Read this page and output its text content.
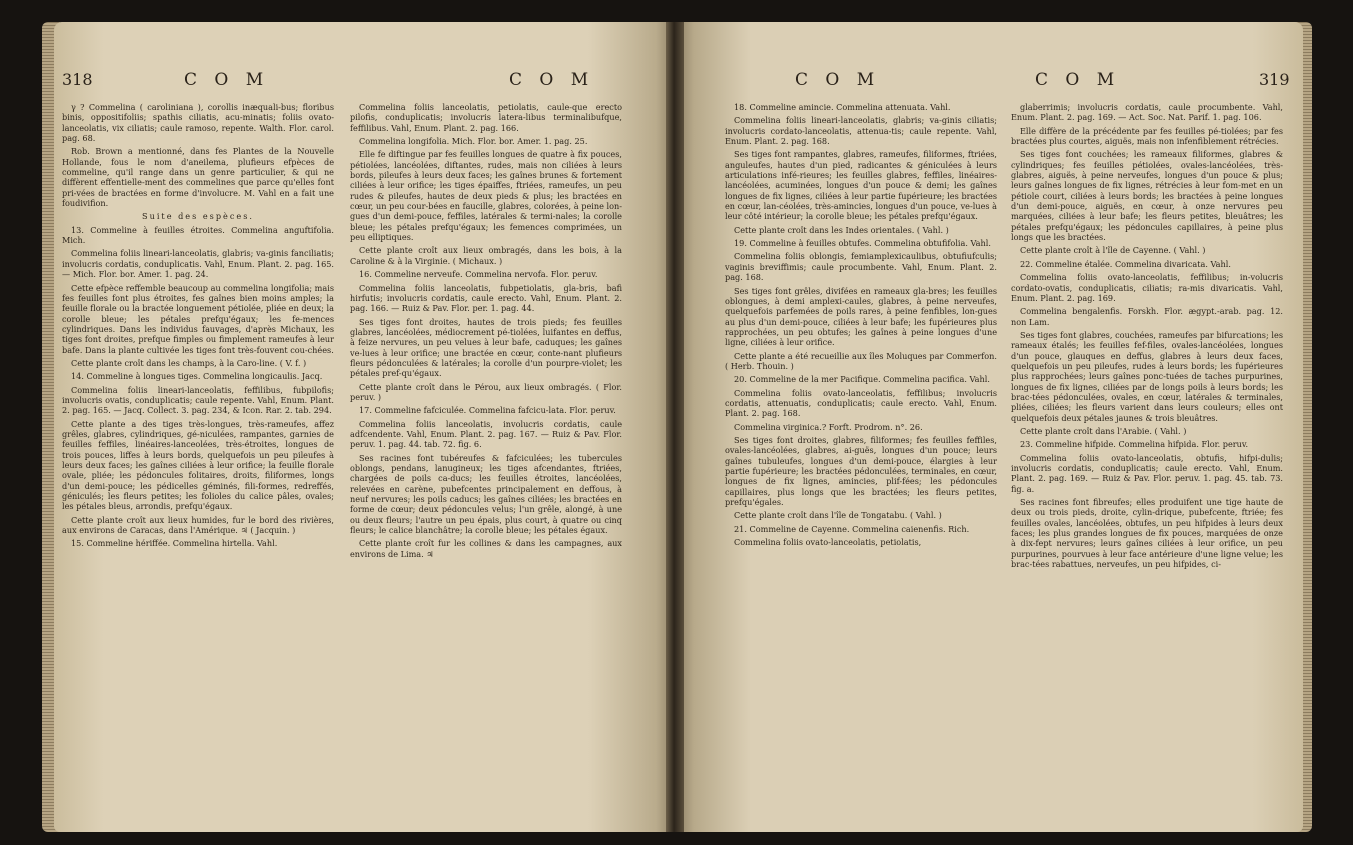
318	C O M	C O M

γ ? Commelina ( caroliniana ), corollis inæquali-bus; floribus binis, oppositifoliis; spathis ciliatis, acu-minatis; foliis ovato-lanceolatis, vix ciliatis; caule ramoso, repente. Walth. Flor. carol. pag. 68.

Rob. Brown a mentionné, dans fes Plantes de la Nouvelle Hollande, fous le nom d'aneilema, plufieurs efpèces de commeline, qu'il range dans un genre particulier, & qui ne diffèrent effentielle-ment des commelines que parce qu'elles font pri-vées de bractées en forme d'involucre. M. Vahl en a fait une foudivifion.

Suite des espèces.

13. Commeline à feuilles étroites. Commelina anguftifolia. Mich.

Commelina foliis lineari-lanceolatis, glabris; va-ginis fanciliatis; involucris cordatis, conduplicatis. Vahl, Enum. Plant. 2. pag. 165. — Mich. Flor. bor. Amer. 1. pag. 24.

Cette efpèce reffemble beaucoup au commelina longifolia; mais fes feuilles font plus étroites, fes gaînes bien moins amples; la feuille florale ou la bractée longuement pétiolée, pliée en deux; la corolle bleue; les pétales prefqu'égaux; les fe-mences cylindriques. Dans les individus fauvages, d'après Michaux, les tiges font droites, prefque fimples ou fimplement rameufes à leur bafe. Dans la plante cultivée les tiges font très-fouvent cou-chées.

Cette plante croît dans les champs, à la Caro-line. ( V. f. )

14. Commeline à longues tiges. Commelina longicaulis. Jacq.

Commelina foliis lineari-lanceolatis, feffilibus, fubpilofis; involucris ovatis, conduplicatis; caule repente. Vahl, Enum. Plant. 2. pag. 165. — Jacq. Collect. 3. pag. 234, & Icon. Rar. 2. tab. 294.

Cette plante a des tiges très-longues, très-rameufes, affez grêles, glabres, cylindriques, gé-niculées, rampantes, garnies de feuilles feffiles, linéaires-lanceolées, très-étroites, longues de trois pouces, liffes à leurs bords, quelquefois un peu pileufes à leurs deux faces; les gaînes ciliées à leur orifice; la feuille florale ovale, pliée; les pédoncules folitaires, droits, filiformes, longs d'un demi-pouce; les pédicelles géminés, fili-formes, redreffés, géniculés; les fleurs petites; les folioles du calice pâles, ovales; les pétales bleus, arrondis, prefqu'égaux.

Cette plante croît aux lieux humides, fur le bord des rivières, aux environs de Caracas, dans l'Amérique. ♃ ( Jacquin. )

15. Commeline hériffée. Commelina hirtella. Vahl.

Commelina foliis lanceolatis, petiolatis, caule-que erecto pilofis, conduplicatis; involucris latera-libus terminalibufque, feffilibus. Vahl, Enum. Plant. 2. pag. 166.

Commelina longifolia. Mich. Flor. bor. Amer. 1. pag. 25.

Elle fe diftingue par fes feuilles longues de quatre à fix pouces, pétiolées, lancéolées, diftantes, rudes, mais non ciliées à leurs bords, pileufes à leurs deux faces; les gaînes brunes & fortement ciliées à leur orifice; les tiges épaiffes, ftriées, rameufes, un peu rudes & pileufes, hautes de deux pieds & plus; les bractées en cœur, un peu cour-bées en faucille, glabres, colorées, à peine lon-gues d'un demi-pouce, feffiles, latérales & termi-nales; la corolle bleue; les pétales prefqu'égaux; les femences comprimées, un peu elliptiques.

Cette plante croît aux lieux ombragés, dans les bois, à la Caroline & à la Virginie. ( Michaux. )

16. Commeline nerveufe. Commelina nervofa. Flor. peruv.

Commelina foliis lanceolatis, fubpetiolatis, gla-bris, bafi hirfutis; involucris cordatis, caule erecto. Vahl, Enum. Plant. 2. pag. 166. — Ruiz & Pav. Flor. per. 1. pag. 44.

Ses tiges font droites, hautes de trois pieds; fes feuilles glabres, lancéolées, médiocrement pé-tiolées, luifantes en deffus, à feize nervures, un peu velues à leur bafe, caduques; les gaînes ve-lues à leur orifice; une bractée en cœur, conte-nant plufieurs fleurs pédonculées & latérales; la corolle d'un pourpre-violet; les pétales pref-qu'égaux.

Cette plante croît dans le Pérou, aux lieux ombragés. ( Flor. peruv. )

17. Commeline fafciculée. Commelina fafcicu-lata. Flor. peruv.

Commelina foliis lanceolatis, involucris cordatis, caule adfcendente. Vahl, Enum. Plant. 2. pag. 167. — Ruiz & Pav. Flor. peruv. 1. pag. 44. tab. 72. fig. 6.

Ses racines font tubéreufes & fafciculées; les tubercules oblongs, pendans, lanugineux; les tiges afcendantes, ftriées, chargées de poils ca-ducs; les feuilles étroites, lancéolées, relevées en carène, pubefcentes principalement en deffous, à neuf nervures; les poils caducs; les gaînes ciliées; les bractées en forme de cœur; deux pédoncules velus; l'un grêle, alongé, à une ou deux fleurs; l'autre un peu épais, plus court, à quatre ou cinq fleurs; le calice blanchâtre; la corolle bleue; les pétales égaux.

Cette plante croît fur les collines & dans les campagnes, aux environs de Lima. ♃

C O M	C O M	319

18. Commeline amincie. Commelina attenuata. Vahl.

Commelina foliis lineari-lanceolatis, glabris; va-ginis ciliatis; involucris cordato-lanceolatis, attenua-tis; caule repente. Vahl, Enum. Plant. 2. pag. 168.

Ses tiges font rampantes, glabres, rameufes, filiformes, ftriées, anguleufes, hautes d'un pied, radicantes & géniculées à leurs articulations infé-rieures; les feuilles glabres, feffiles, linéaires-lancéolées, acuminées, longues d'un pouce & demi; les gaînes longues de fix lignes, ciliées à leur partie fupérieure; les bractées en cœur, lan-céolées, très-amincies, longues d'un pouce, ve-lues à leur côté intérieur; la corolle bleue; les pétales prefqu'égaux.

Cette plante croît dans les Indes orientales. ( Vahl. )

19. Commeline à feuilles obtufes. Commelina obtufifolia. Vahl.

Commelina foliis oblongis, femiamplexicaulibus, obtufiufculis; vaginis breviffimis; caule procumbente. Vahl, Enum. Plant. 2. pag. 168.

Ses tiges font grêles, divifées en rameaux gla-bres; les feuilles oblongues, à demi amplexi-caules, glabres, à peine nerveufes, quelquefois parfemées de poils rares, à peine fenfibles, lon-gues au plus d'un demi-pouce, ciliées à leur bafe; les fupérieures plus rapprochées, un peu obtufes; les gaînes à peine longues d'une ligne, ciliées à leur orifice.

Cette plante a été recueillie aux îles Moluques par Commerfon. ( Herb. Thouin. )

20. Commeline de la mer Pacifique. Commelina pacifica. Vahl.

Commelina foliis ovato-lanceolatis, feffilibus; involucris cordatis, attenuatis, conduplicatis; caule erecto. Vahl, Enum. Plant. 2. pag. 168.

Commelina virginica.? Forft. Prodrom. n°. 26.

Ses tiges font droites, glabres, filiformes; fes feuilles feffiles, ovales-lancéolées, glabres, ai-guës, longues d'un pouce; leurs gaînes tubuleufes, longues d'un demi-pouce, élargies à leur partie fupérieure; les bractées pédonculées, terminales, en cœur, longues de fix lignes, amincies, plif-fées; les pédoncules capillaires, plus longs que les bractées; les fleurs petites, prefqu'égales.

Cette plante croît dans l'île de Tongatabu. ( Vahl. )

21. Commeline de Cayenne. Commelina caienenfis. Rich.

Commelina foliis ovato-lanceolatis, petiolatis,

glaberrimis; involucris cordatis, caule procumbente. Vahl, Enum. Plant. 2. pag. 169. — Act. Soc. Nat. Parif. 1. pag. 106.

Elle diffère de la précédente par fes feuilles pé-tiolées; par fes bractées plus courtes, aiguës, mais non infenfiblement rétrécies.

Ses tiges font couchées; les rameaux filiformes, glabres & cylindriques; fes feuilles pétiolées, ovales-lancéolées, très-glabres, aiguës, à peine nerveufes, longues d'un pouce & plus; leurs gaînes longues de fix lignes, rétrécies à leur fom-met en un pétiole court, ciliées à leurs bords; les bractées à peine longues d'un demi-pouce, aiguës, en cœur, à onze nervures peu marquées, ciliées à leur bafe; les fleurs petites, bleuâtres; les pétales prefqu'égaux; les pédoncules capillaires, à peine plus longs que les bractées.

Cette plante croît à l'île de Cayenne. ( Vahl. )

22. Commeline étalée. Commelina divaricata. Vahl.

Commelina foliis ovato-lanceolatis, feffilibus; in-volucris cordato-ovatis, conduplicatis, ciliatis; ra-mis divaricatis. Vahl, Enum. Plant. 2. pag. 169.

Commelina bengalenfis. Forskh. Flor. ægypt.-arab. pag. 12. non Lam.

Ses tiges font glabres, couchées, rameufes par bifurcations; les rameaux étalés; les feuilles fef-files, ovales-lancéolées, longues d'un pouce, glauques en deffus, glabres à leurs deux faces, quelquefois un peu pileufes, rudes à leurs bords; les fupérieures plus rapprochées; leurs gaînes ponc-tuées de taches purpurines, longues de fix lignes, ciliées par de longs poils à leurs bords; les brac-tées pédonculées, ovales, en cœur, latérales & terminales, pliées, ciliées; les fleurs varient dans leurs couleurs; elles ont quelquefois deux pétales jaunes & trois bleuâtres.

Cette plante croît dans l'Arabie. ( Vahl. )

23. Commeline hifpide. Commelina hifpida. Flor. peruv.

Commelina foliis ovato-lanceolatis, obtufis, hifpi-dulis; involucris cordatis, conduplicatis; caule erecto. Vahl, Enum. Plant. 2. pag. 169. — Ruiz & Pav. Flor. peruv. 1. pag. 45. tab. 73. fig. a.

Ses racines font fibreufes; elles produifent une tige haute de deux ou trois pieds, droite, cylin-drique, pubefcente, ftriée; fes feuilles ovales, lancéolées, obtufes, un peu hifpides à leurs deux faces; les plus grandes longues de fix pouces, marquées de onze à dix-fept nervures; leurs gaînes ciliées à leur orifice, un peu purpurines, pourvues à leur face antérieure d'une ligne velue; les brac-tées rabattues, nerveufes, un peu hifpides, ci-
